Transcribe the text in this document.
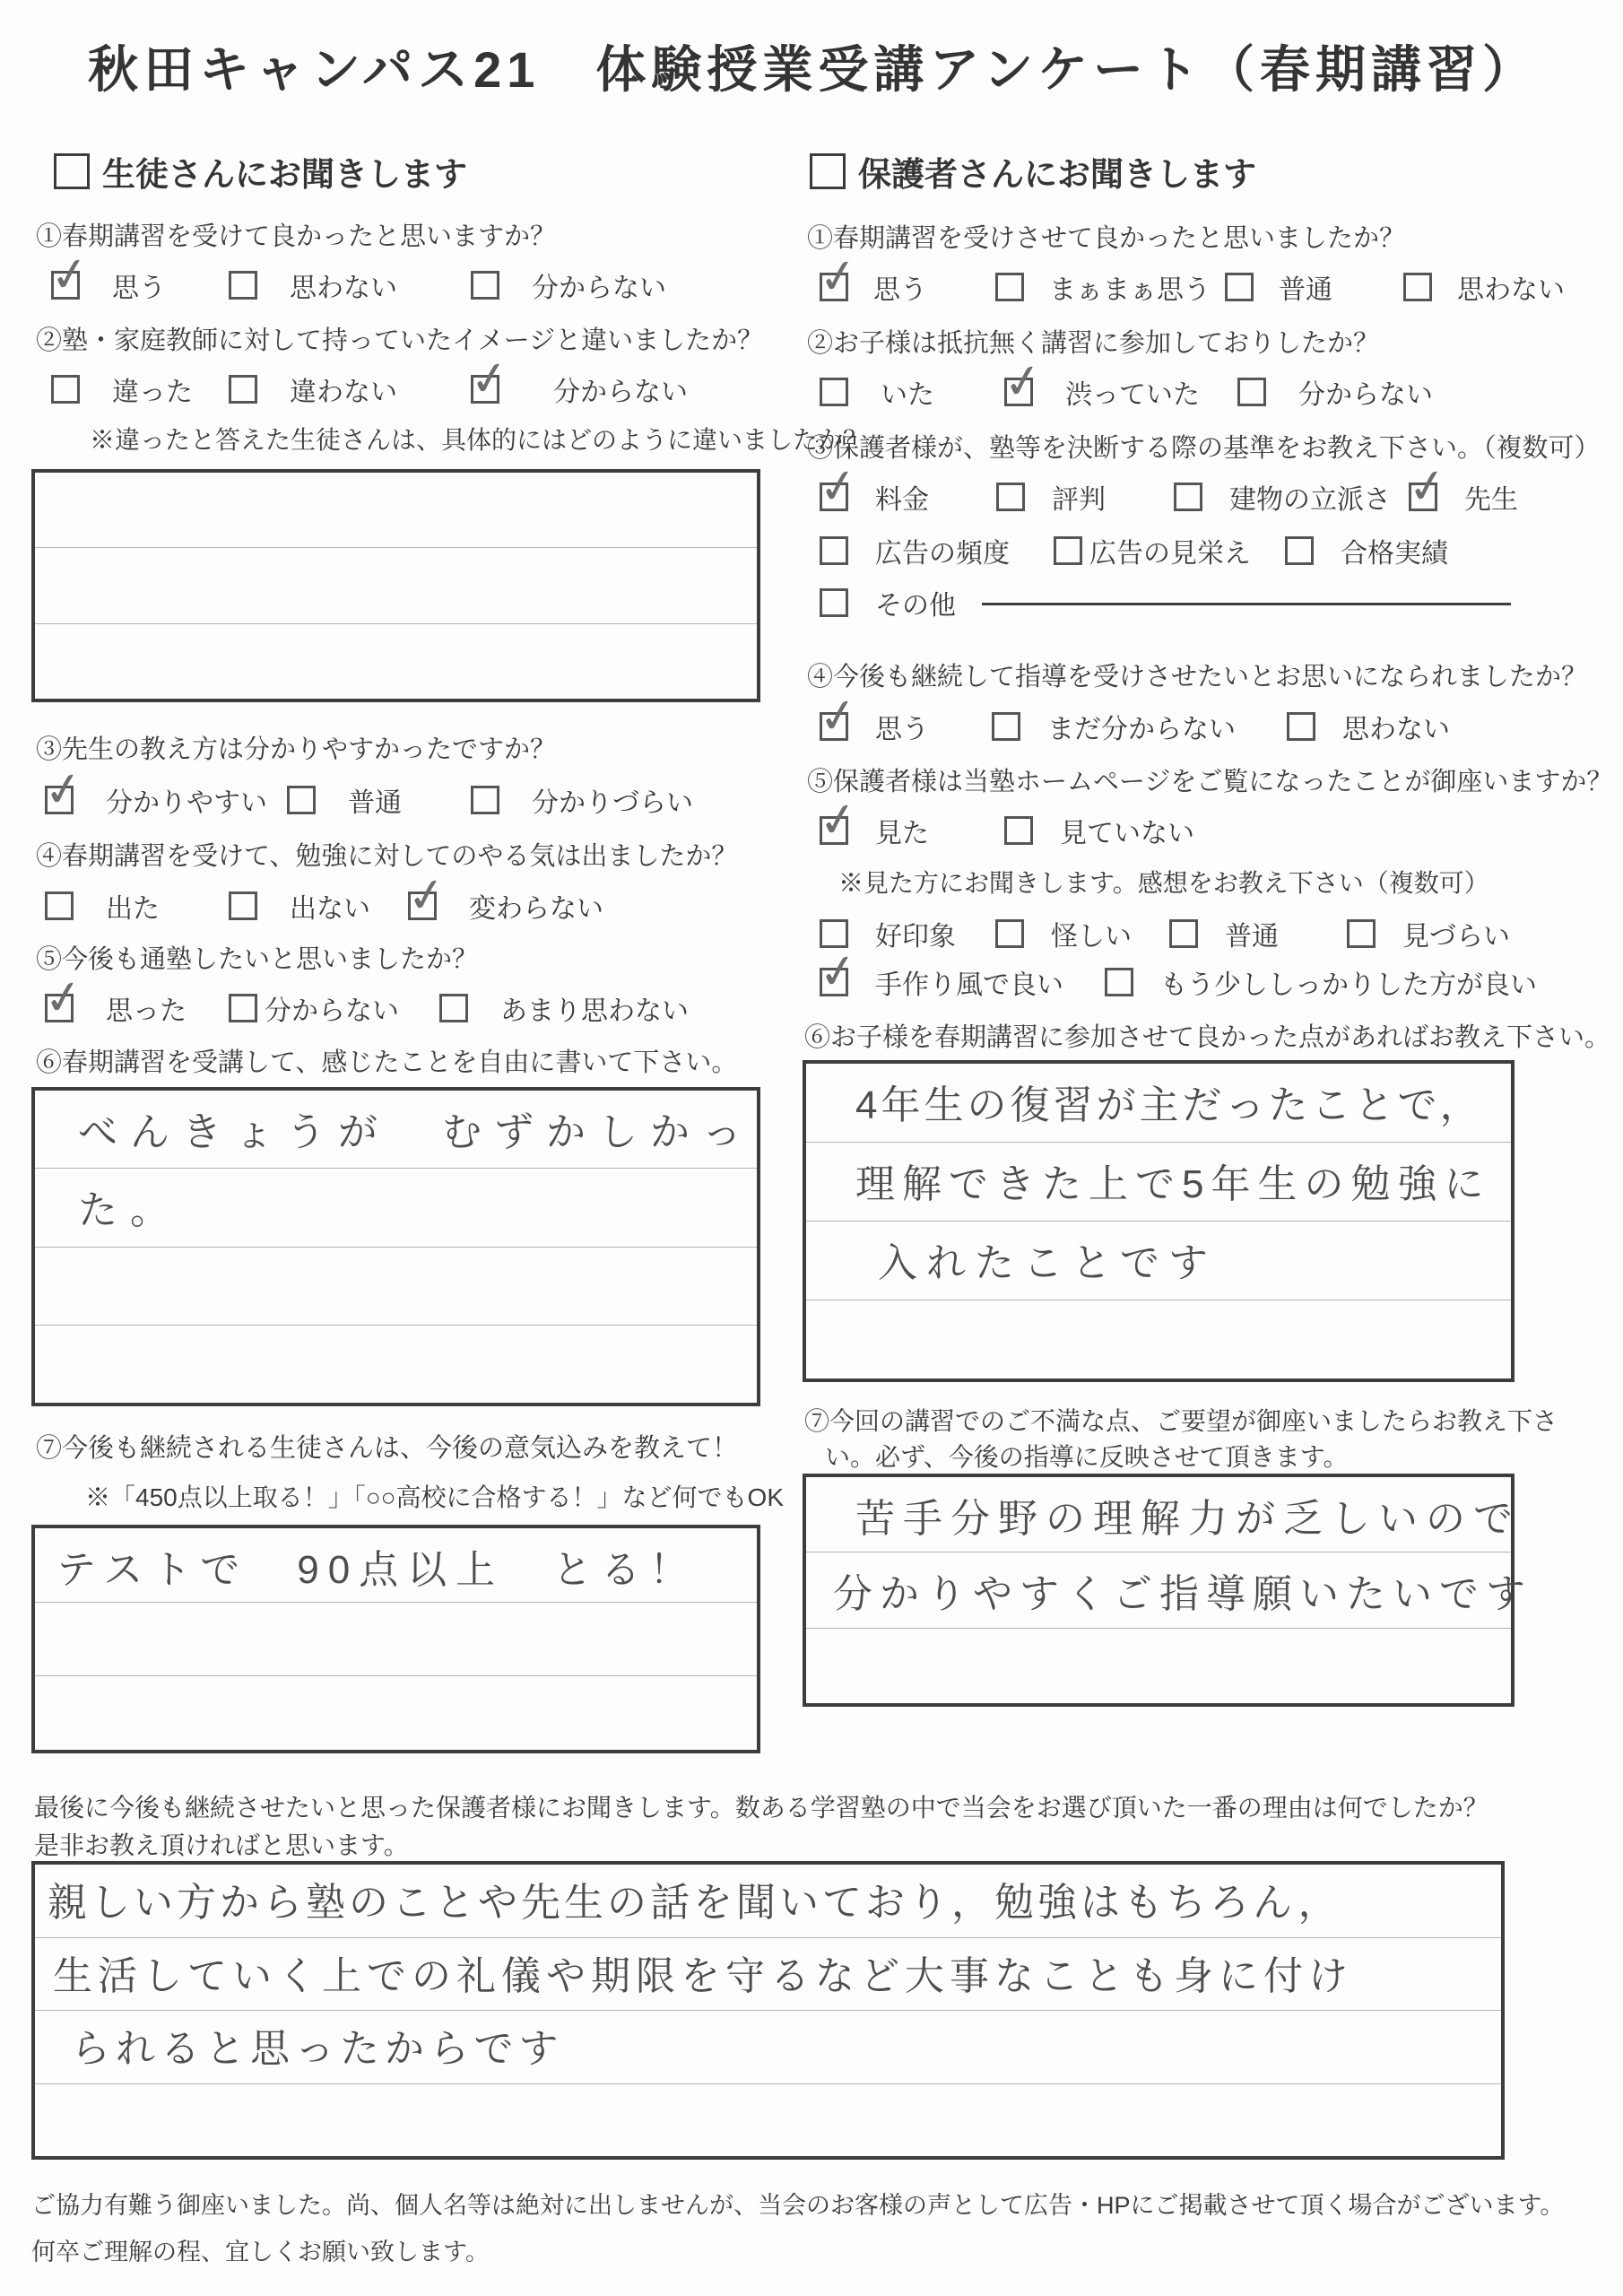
秋田キャンパス21　体験授業受講アンケート（春期講習）
生徒さんにお聞きします
①春期講習を受けて良かったと思いますか？
✓ 思う	思わない	分からない
②塾・家庭教師に対して持っていたイメージと違いましたか？
違った	違わない ✓ 分からない
※違ったと答えた生徒さんは、具体的にはどのように違いましたか？
③先生の教え方は分かりやすかったですか？
✓ 分かりやすい	普通	分かりづらい
④春期講習を受けて、勉強に対してのやる気は出ましたか？
出た	出ない ✓ 変わらない
⑤今後も通塾したいと思いましたか？
✓ 思った	分からない	あまり思わない
⑥春期講習を受講して、感じたことを自由に書いて下さい。
べんきょうが　むずかしかっ
た。
⑦今後も継続される生徒さんは、今後の意気込みを教えて！
※「450点以上取る！」「○○高校に合格する！」など何でもOK
テストで　90点以上　とる！
保護者さんにお聞きします
①春期講習を受けさせて良かったと思いましたか？
✓ 思う	まぁまぁ思う	普通	思わない
②お子様は抵抗無く講習に参加しておりしたか？
いた ✓ 渋っていた	分からない
③保護者様が、塾等を決断する際の基準をお教え下さい。（複数可）
✓ 料金	評判	建物の立派さ ✓ 先生
広告の頻度	広告の見栄え	合格実績
その他
④今後も継続して指導を受けさせたいとお思いになられましたか？
✓ 思う	まだ分からない	思わない
⑤保護者様は当塾ホームページをご覧になったことが御座いますか？
✓ 見た	見ていない
※見た方にお聞きします。感想をお教え下さい（複数可）
好印象	怪しい	普通	見づらい
✓ 手作り風で良い	もう少ししっかりした方が良い
⑥お子様を春期講習に参加させて良かった点があればお教え下さい。
4年生の復習が主だったことで，
理解できた上で5年生の勉強に
入れたことです
⑦今回の講習でのご不満な点、ご要望が御座いましたらお教え下さ
い。必ず、今後の指導に反映させて頂きます。
苦手分野の理解力が乏しいので
分かりやすくご指導願いたいです
最後に今後も継続させたいと思った保護者様にお聞きします。数ある学習塾の中で当会をお選び頂いた一番の理由は何でしたか？
是非お教え頂ければと思います。
親しい方から塾のことや先生の話を聞いており，勉強はもちろん，
生活していく上での礼儀や期限を守るなど大事なことも身に付け
られると思ったからです
ご協力有難う御座いました。尚、個人名等は絶対に出しませんが、当会のお客様の声として広告・HPにご掲載させて頂く場合がございます。
何卒ご理解の程、宜しくお願い致します。
